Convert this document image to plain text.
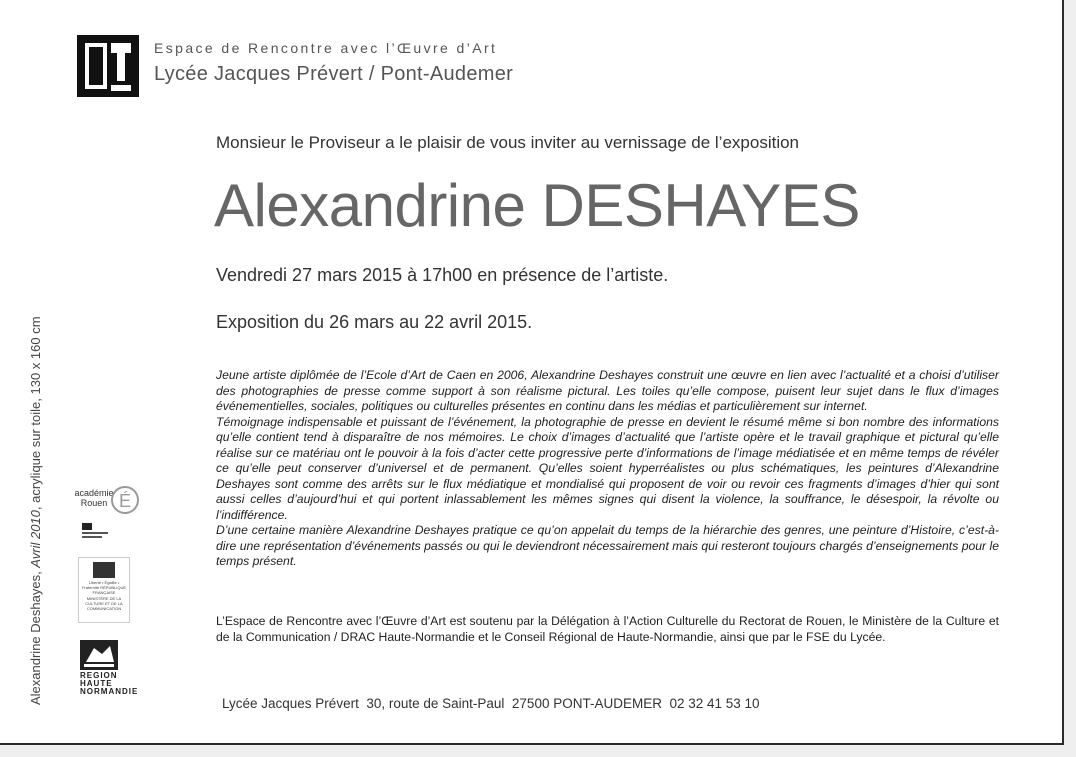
Espace de Rencontre avec l’Œuvre d’Art
Lycée Jacques Prévert / Pont-Audemer
Monsieur le Proviseur a le plaisir de vous inviter au vernissage de l’exposition
Alexandrine DESHAYES
Vendredi 27 mars 2015 à 17h00 en présence de l’artiste.
Exposition du 26 mars au 22 avril 2015.

Jeune artiste diplômée de l’Ecole d’Art de Caen en 2006, Alexandrine Deshayes construit une œuvre en lien avec l’actualité et a choisi d’utiliser des photographies de presse comme support à son réalisme pictural. Les toiles qu’elle compose, puisent leur sujet dans le flux d’images événementielles, sociales, politiques ou culturelles présentes en continu dans les médias et particulièrement sur internet.

Témoignage indispensable et puissant de l’événement, la photographie de presse en devient le résumé même si bon nombre des informations qu’elle contient tend à disparaître de nos mémoires. Le choix d’images d’actualité que l’artiste opère et le travail graphique et pictural qu’elle réalise sur ce matériau ont le pouvoir à la fois d’acter cette progressive perte d’informations de l’image médiatisée et en même temps de révéler ce qu’elle peut conserver d’universel et de permanent. Qu’elles soient hyperréalistes ou plus schématiques, les peintures d’Alexandrine Deshayes sont comme des arrêts sur le flux médiatique et mondialisé qui proposent de voir ou revoir ces fragments d’images d’hier qui sont aussi celles d’aujourd’hui et qui portent inlassablement les mêmes signes qui disent la violence, la souffrance, le désespoir, la révolte ou l’indifférence.

D’une certaine manière Alexandrine Deshayes pratique ce qu’on appelait du temps de la hiérarchie des genres, une peinture d’Histoire, c’est-à-dire une représentation d’événements passés ou qui le deviendront nécessairement mais qui resteront toujours chargés d’enseignements pour le temps présent.

L’Espace de Rencontre avec l’Œuvre d’Art est soutenu par la Délégation à l’Action Culturelle du Rectorat de Rouen, le Ministère de la Culture et de la Communication / DRAC Haute-Normandie et le Conseil Régional de Haute-Normandie, ainsi que par le FSE du Lycée.

Lycée Jacques Prévert  30, route de Saint-Paul  27500 PONT-AUDEMER  02 32 41 53 10
Alexandrine Deshayes, Avril 2010, acrylique sur toile, 130 x 160 cm	académie
Rouen É
Liberté • Égalité • Fraternité RÉPUBLIQUE FRANÇAISE
MINISTÈRE DE LA CULTURE ET DE LA COMMUNICATION
REGION HAUTE NORMANDIE
